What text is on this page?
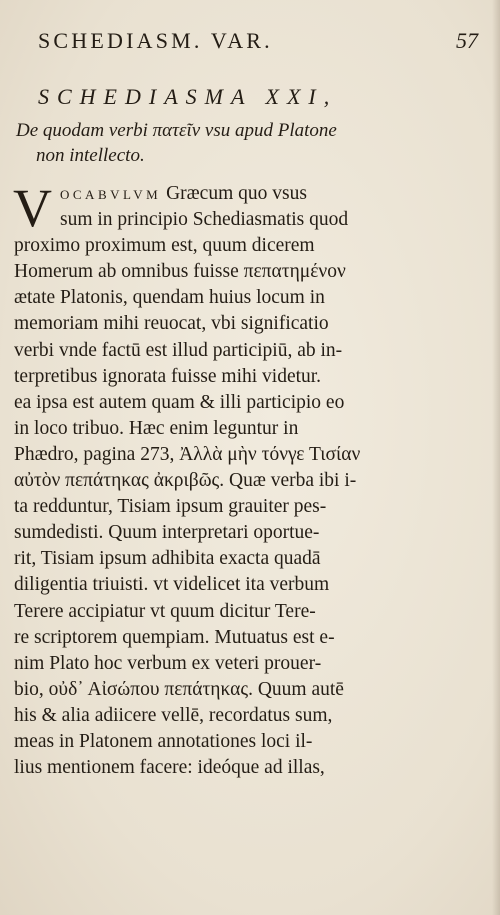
SCHEDIASM. VAR.	57
SCHEDIASMA XXI,
De quodam verbi πατεῖν vsu apud Platone
non intellecto.
V OCABVLVM Græcum quo vsus
sum in principio Schediasmatis quod
proximo proximum est, quum dicerem
Homerum ab omnibus fuisse πεπατημένον
ætate Platonis, quendam huius locum in
memoriam mihi reuocat, vbi significatio
verbi vnde factū est illud participiū, ab in-
terpretibus ignorata fuisse mihi videtur.
ea ipsa est autem quam & illi participio eo
in loco tribuo. Hæc enim leguntur in
Phædro, pagina 273, Ἀλλὰ μὴν τόνγε Τισίαν
αὐτὸν πεπάτηκας ἀκριβῶς. Quæ verba ibi i-
ta redduntur, Tisiam ipsum grauiter pes-
sumdedisti. Quum interpretari oportue-
rit, Tisiam ipsum adhibita exacta quadā
diligentia triuisti. vt videlicet ita verbum
Terere accipiatur vt quum dicitur Tere-
re scriptorem quempiam. Mutuatus est e-
nim Plato hoc verbum ex veteri prouer-
bio, οὐδ᾽ Αἰσώπου πεπάτηκας. Quum autē
his & alia adiicere vellē, recordatus sum,
meas in Platonem annotationes loci il-
lius mentionem facere: ideóque ad illas,
